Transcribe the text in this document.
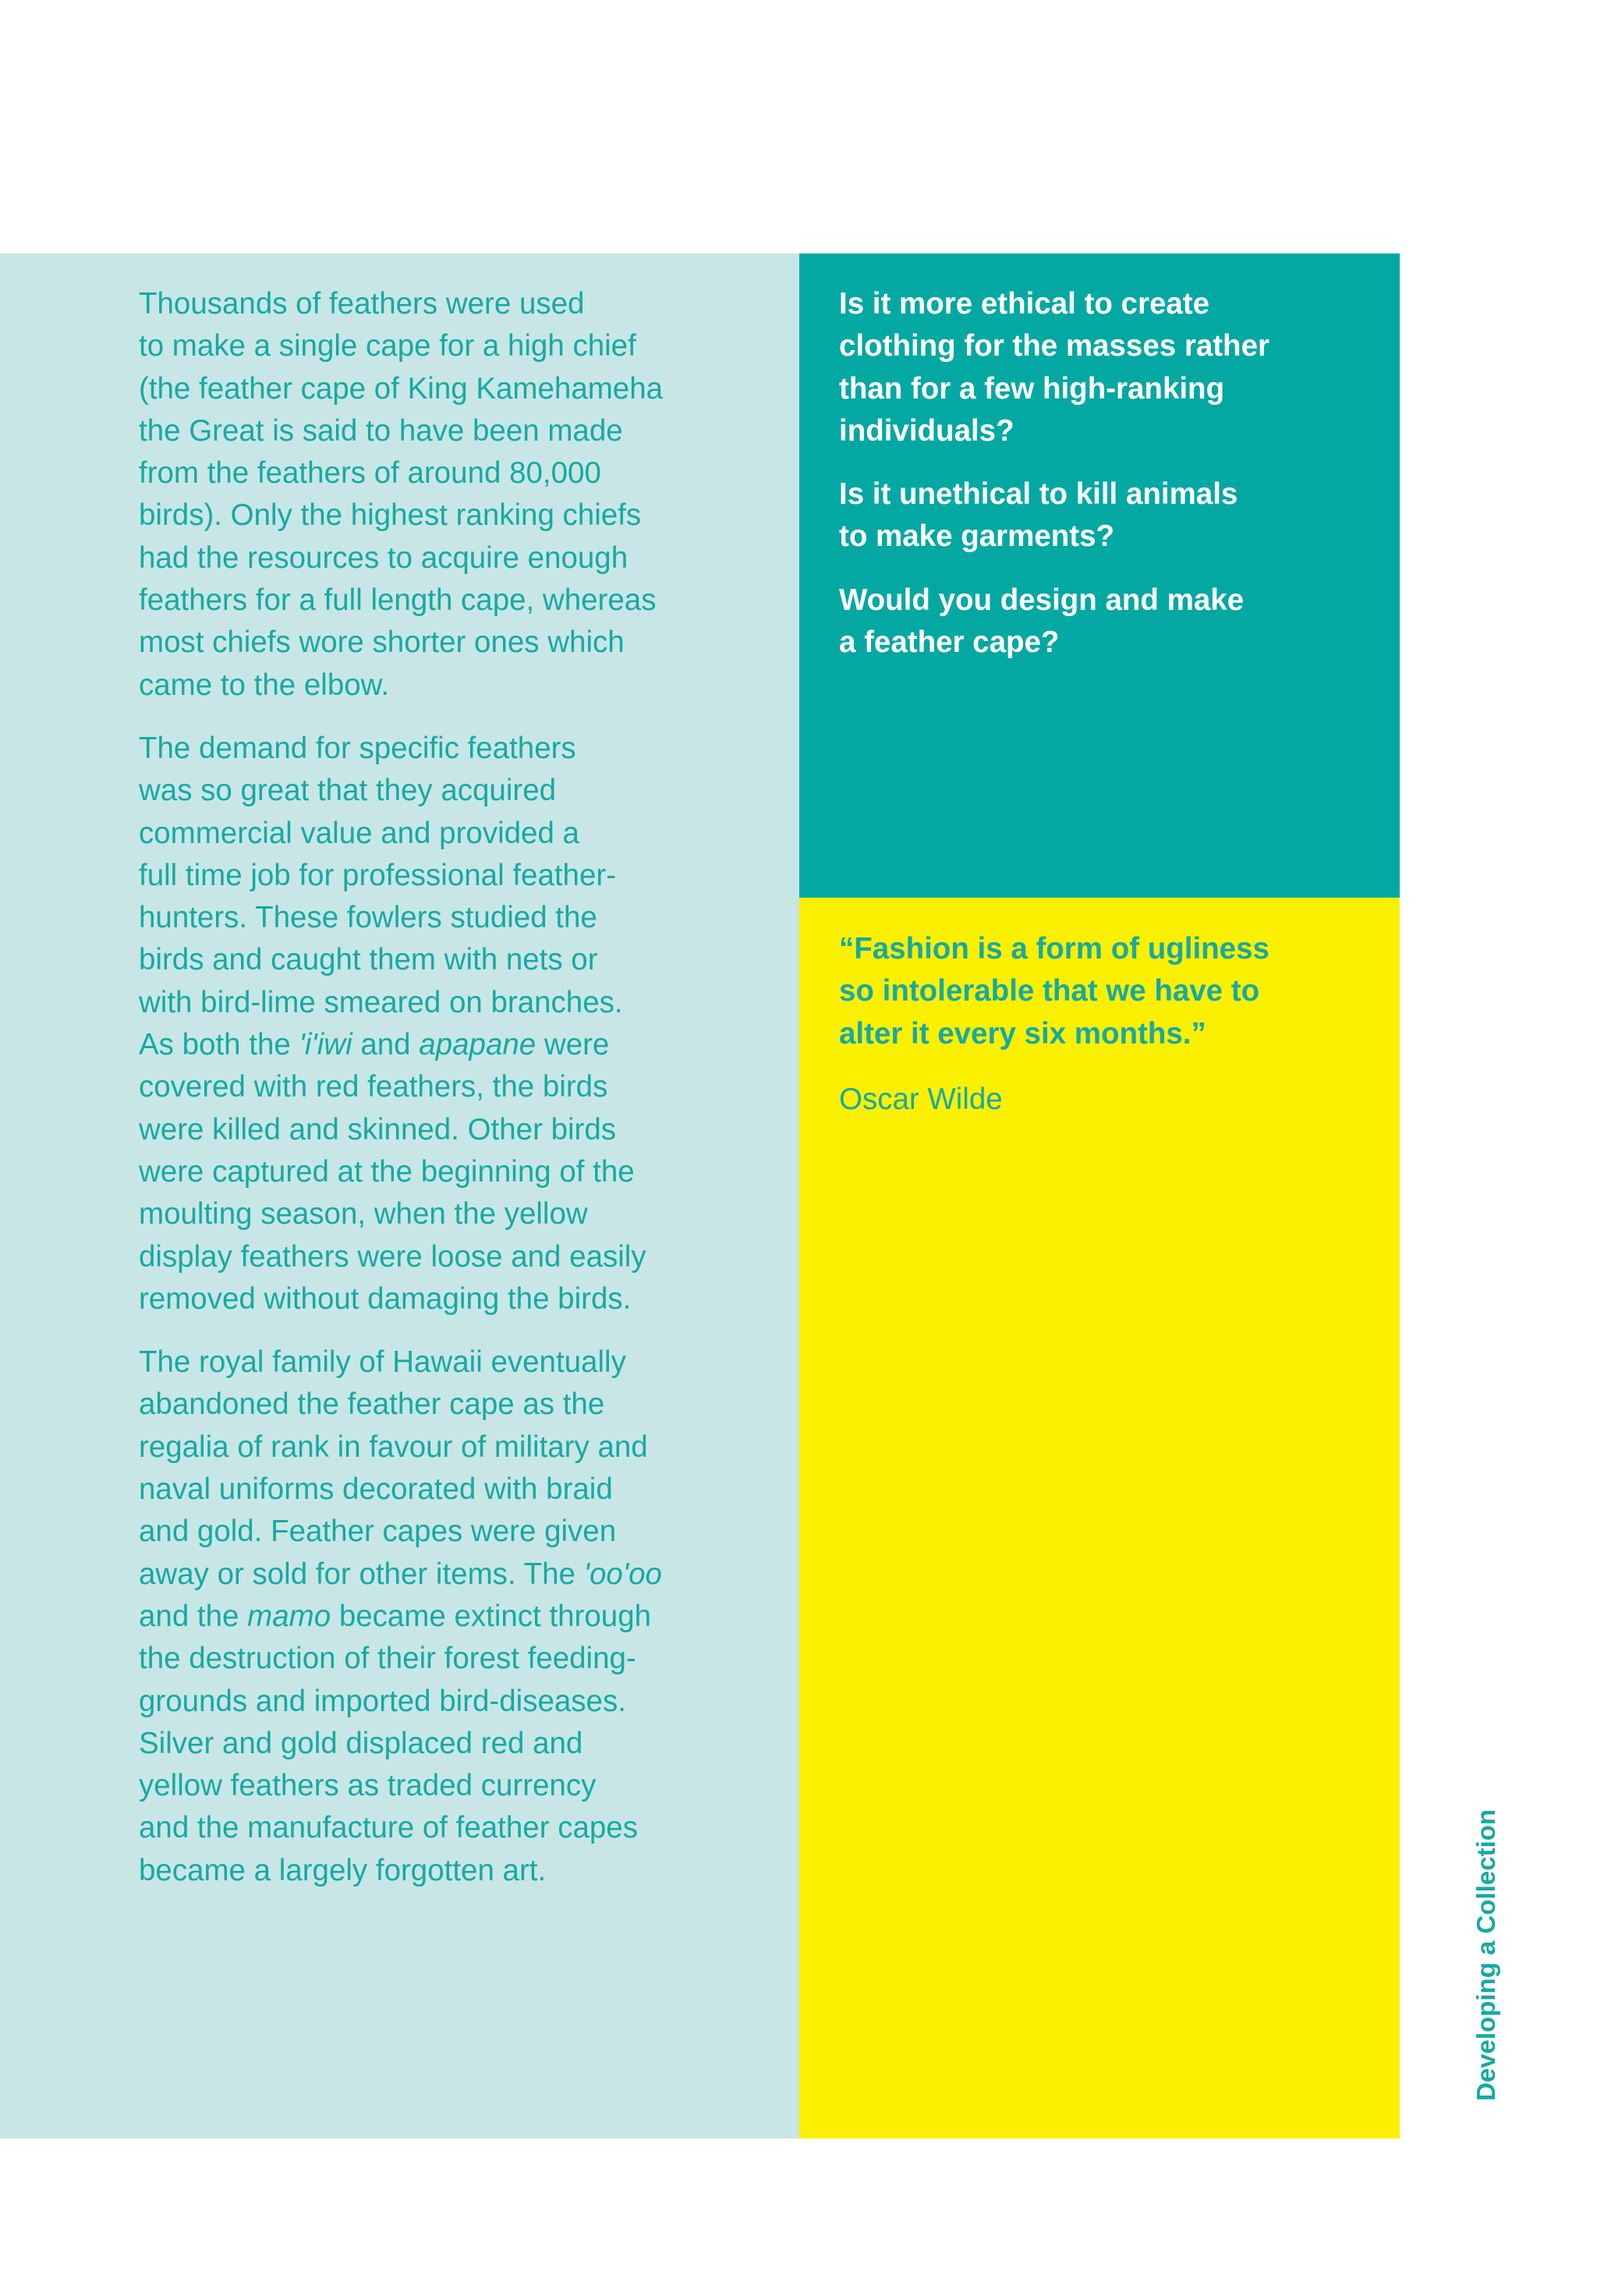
Thousands of feathers were used
to make a single cape for a high chief
(the feather cape of King Kamehameha
the Great is said to have been made
from the feathers of around 80,000
birds). Only the highest ranking chiefs
had the resources to acquire enough
feathers for a full length cape, whereas
most chiefs wore shorter ones which
came to the elbow.

The demand for specific feathers
was so great that they acquired
commercial value and provided a
full time job for professional feather-
hunters. These fowlers studied the
birds and caught them with nets or
with bird-lime smeared on branches.
As both the 'i'iwi and apapane were
covered with red feathers, the birds
were killed and skinned. Other birds
were captured at the beginning of the
moulting season, when the yellow
display feathers were loose and easily
removed without damaging the birds.

The royal family of Hawaii eventually
abandoned the feather cape as the
regalia of rank in favour of military and
naval uniforms decorated with braid
and gold. Feather capes were given
away or sold for other items. The 'oo'oo
and the mamo became extinct through
the destruction of their forest feeding-
grounds and imported bird-diseases.
Silver and gold displaced red and
yellow feathers as traded currency
and the manufacture of feather capes
became a largely forgotten art.

Is it more ethical to create
clothing for the masses rather
than for a few high-ranking
individuals?

Is it unethical to kill animals
to make garments?

Would you design and make
a feather cape?

“Fashion is a form of ugliness
so intolerable that we have to
alter it every six months.”

Oscar Wilde

Developing a Collection
